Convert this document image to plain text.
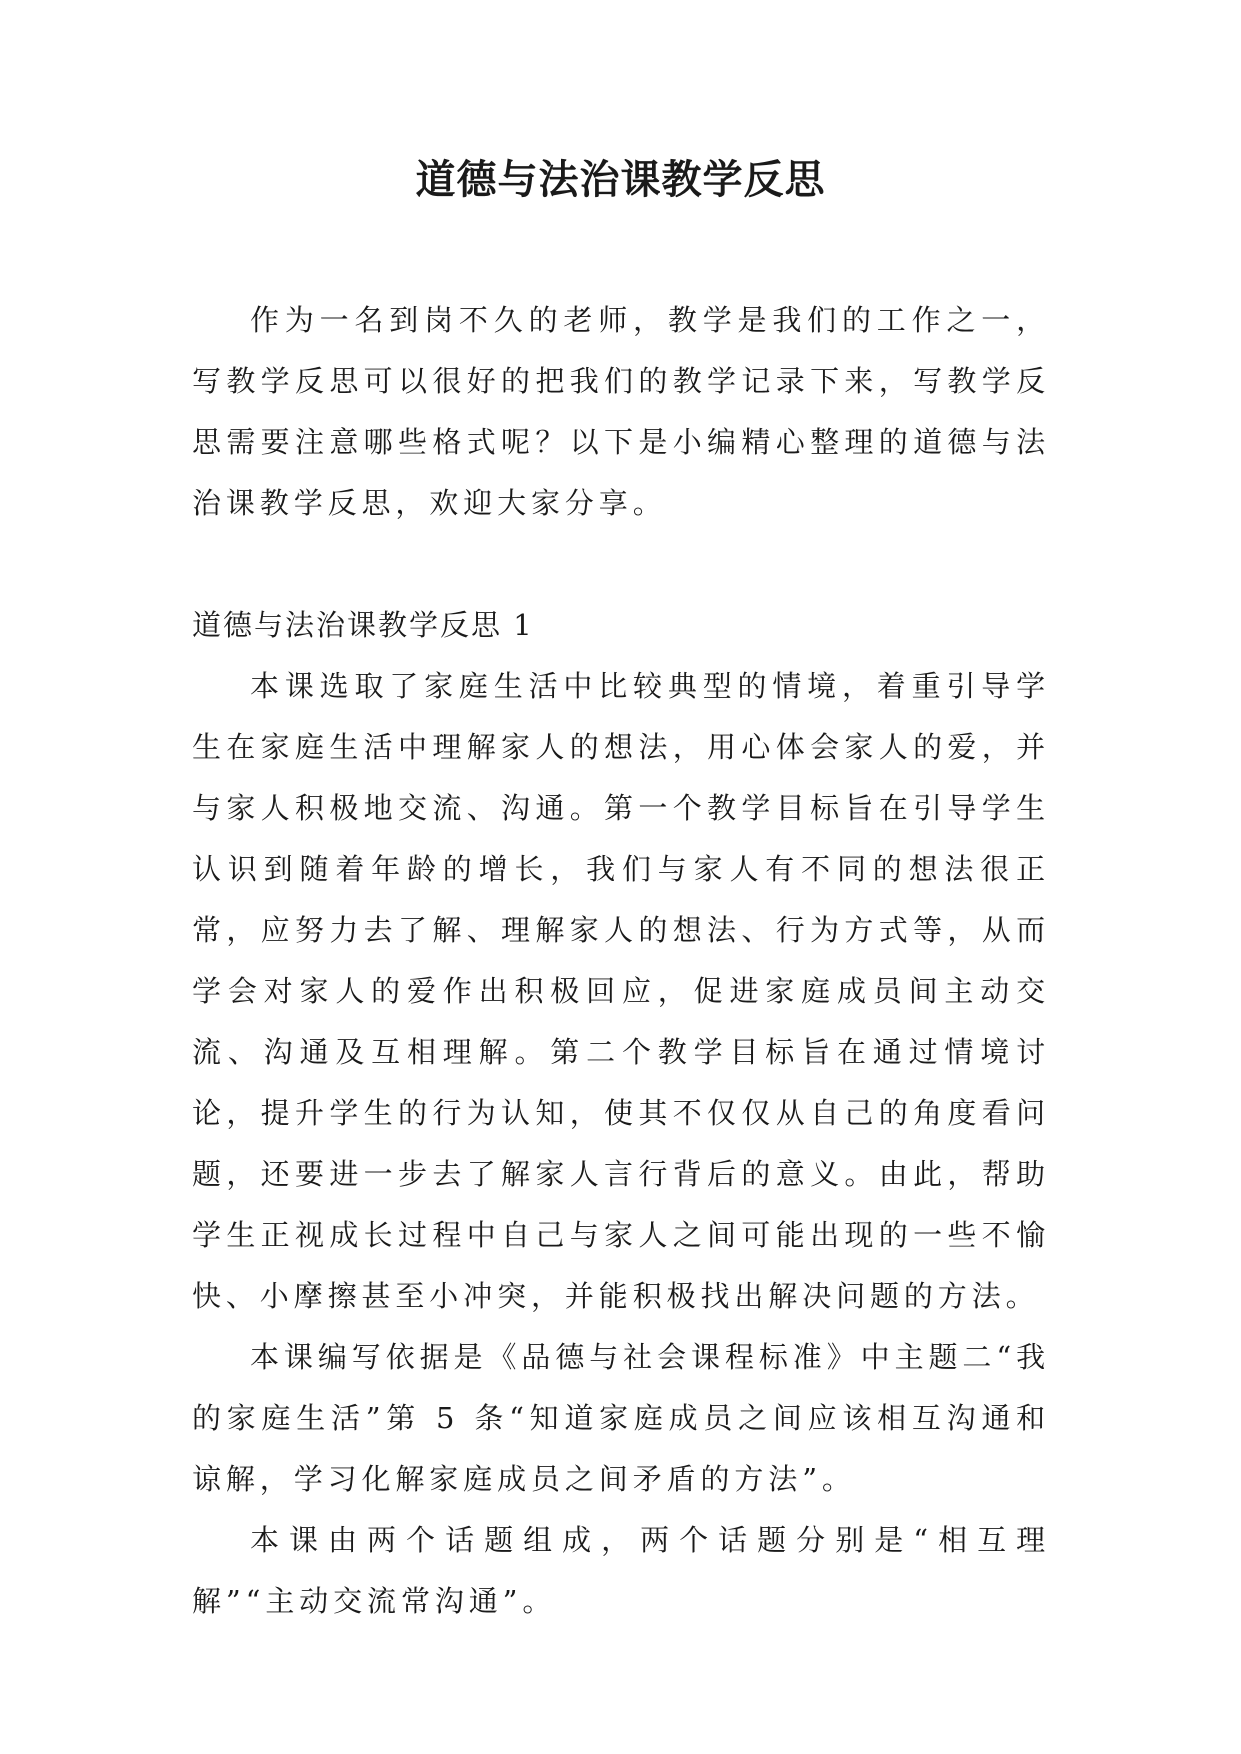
道德与法治课教学反思

作为一名到岗不久的老师，教学是我们的工作之一，写教学反思可以很好的把我们的教学记录下来，写教学反思需要注意哪些格式呢？以下是小编精心整理的道德与法治课教学反思，欢迎大家分享。

道德与法治课教学反思 1

本课选取了家庭生活中比较典型的情境，着重引导学生在家庭生活中理解家人的想法，用心体会家人的爱，并与家人积极地交流、沟通。第一个教学目标旨在引导学生认识到随着年龄的增长，我们与家人有不同的想法很正常，应努力去了解、理解家人的想法、行为方式等，从而学会对家人的爱作出积极回应，促进家庭成员间主动交流、沟通及互相理解。第二个教学目标旨在通过情境讨论，提升学生的行为认知，使其不仅仅从自己的角度看问题，还要进一步去了解家人言行背后的意义。由此，帮助学生正视成长过程中自己与家人之间可能出现的一些不愉快、小摩擦甚至小冲突，并能积极找出解决问题的方法。

本课编写依据是《品德与社会课程标准》中主题二“我的家庭生活”第 5 条“知道家庭成员之间应该相互沟通和谅解，学习化解家庭成员之间矛盾的方法”。

本课由两个话题组成，两个话题分别是“相互理解”“主动交流常沟通”。
